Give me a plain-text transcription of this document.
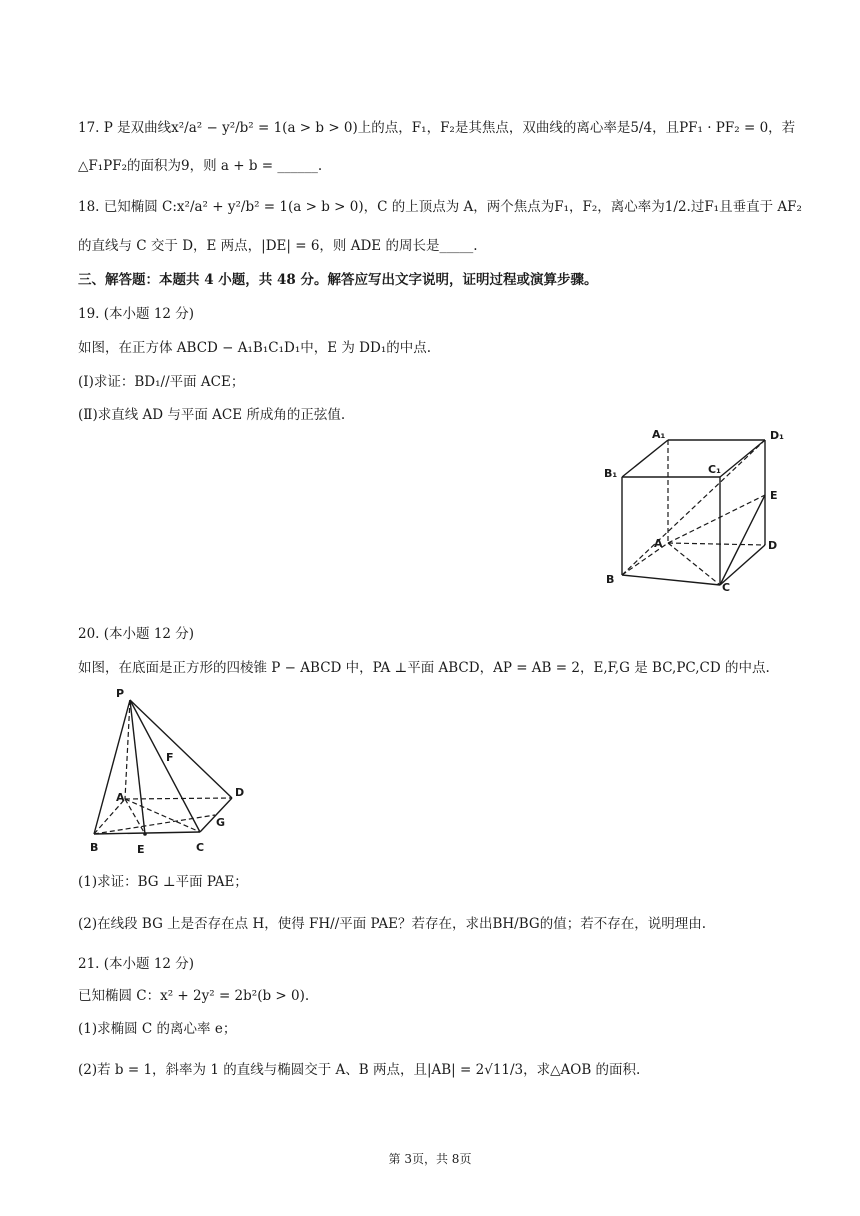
17. P 是双曲线x²/a² − y²/b² = 1(a > b > 0)上的点，F₁，F₂是其焦点，双曲线的离心率是5/4，且PF₁ · PF₂ = 0，若
△F₁PF₂的面积为9，则 a + b = ______.
18. 已知椭圆 C:x²/a² + y²/b² = 1(a > b > 0)，C 的上顶点为 A，两个焦点为F₁，F₂，离心率为1/2.过F₁且垂直于 AF₂
的直线与 C 交于 D，E 两点，|DE| = 6，则 ADE 的周长是_____.
三、解答题：本题共 4 小题，共 48 分。解答应写出文字说明，证明过程或演算步骤。
19. (本小题 12 分)
如图，在正方体 ABCD − A₁B₁C₁D₁中，E 为 DD₁的中点.
(Ⅰ)求证：BD₁//平面 ACE；
(Ⅱ)求直线 AD 与平面 ACE 所成角的正弦值.
A₁	D₁
B₁	C₁
E
A	D
B
C
20. (本小题 12 分)
如图，在底面是正方形的四棱锥 P − ABCD 中，PA ⊥平面 ABCD，AP = AB = 2，E,F,G 是 BC,PC,CD 的中点.
P
F
A	D
G
B	E	C
(1)求证：BG ⊥平面 PAE；
(2)在线段 BG 上是否存在点 H，使得 FH//平面 PAE？若存在，求出BH/BG的值；若不存在，说明理由.
21. (本小题 12 分)
已知椭圆 C：x² + 2y² = 2b²(b > 0).
(1)求椭圆 C 的离心率 e；
(2)若 b = 1，斜率为 1 的直线与椭圆交于 A、B 两点，且|AB| = 2√11/3，求△AOB 的面积.
第 3页，共 8页
